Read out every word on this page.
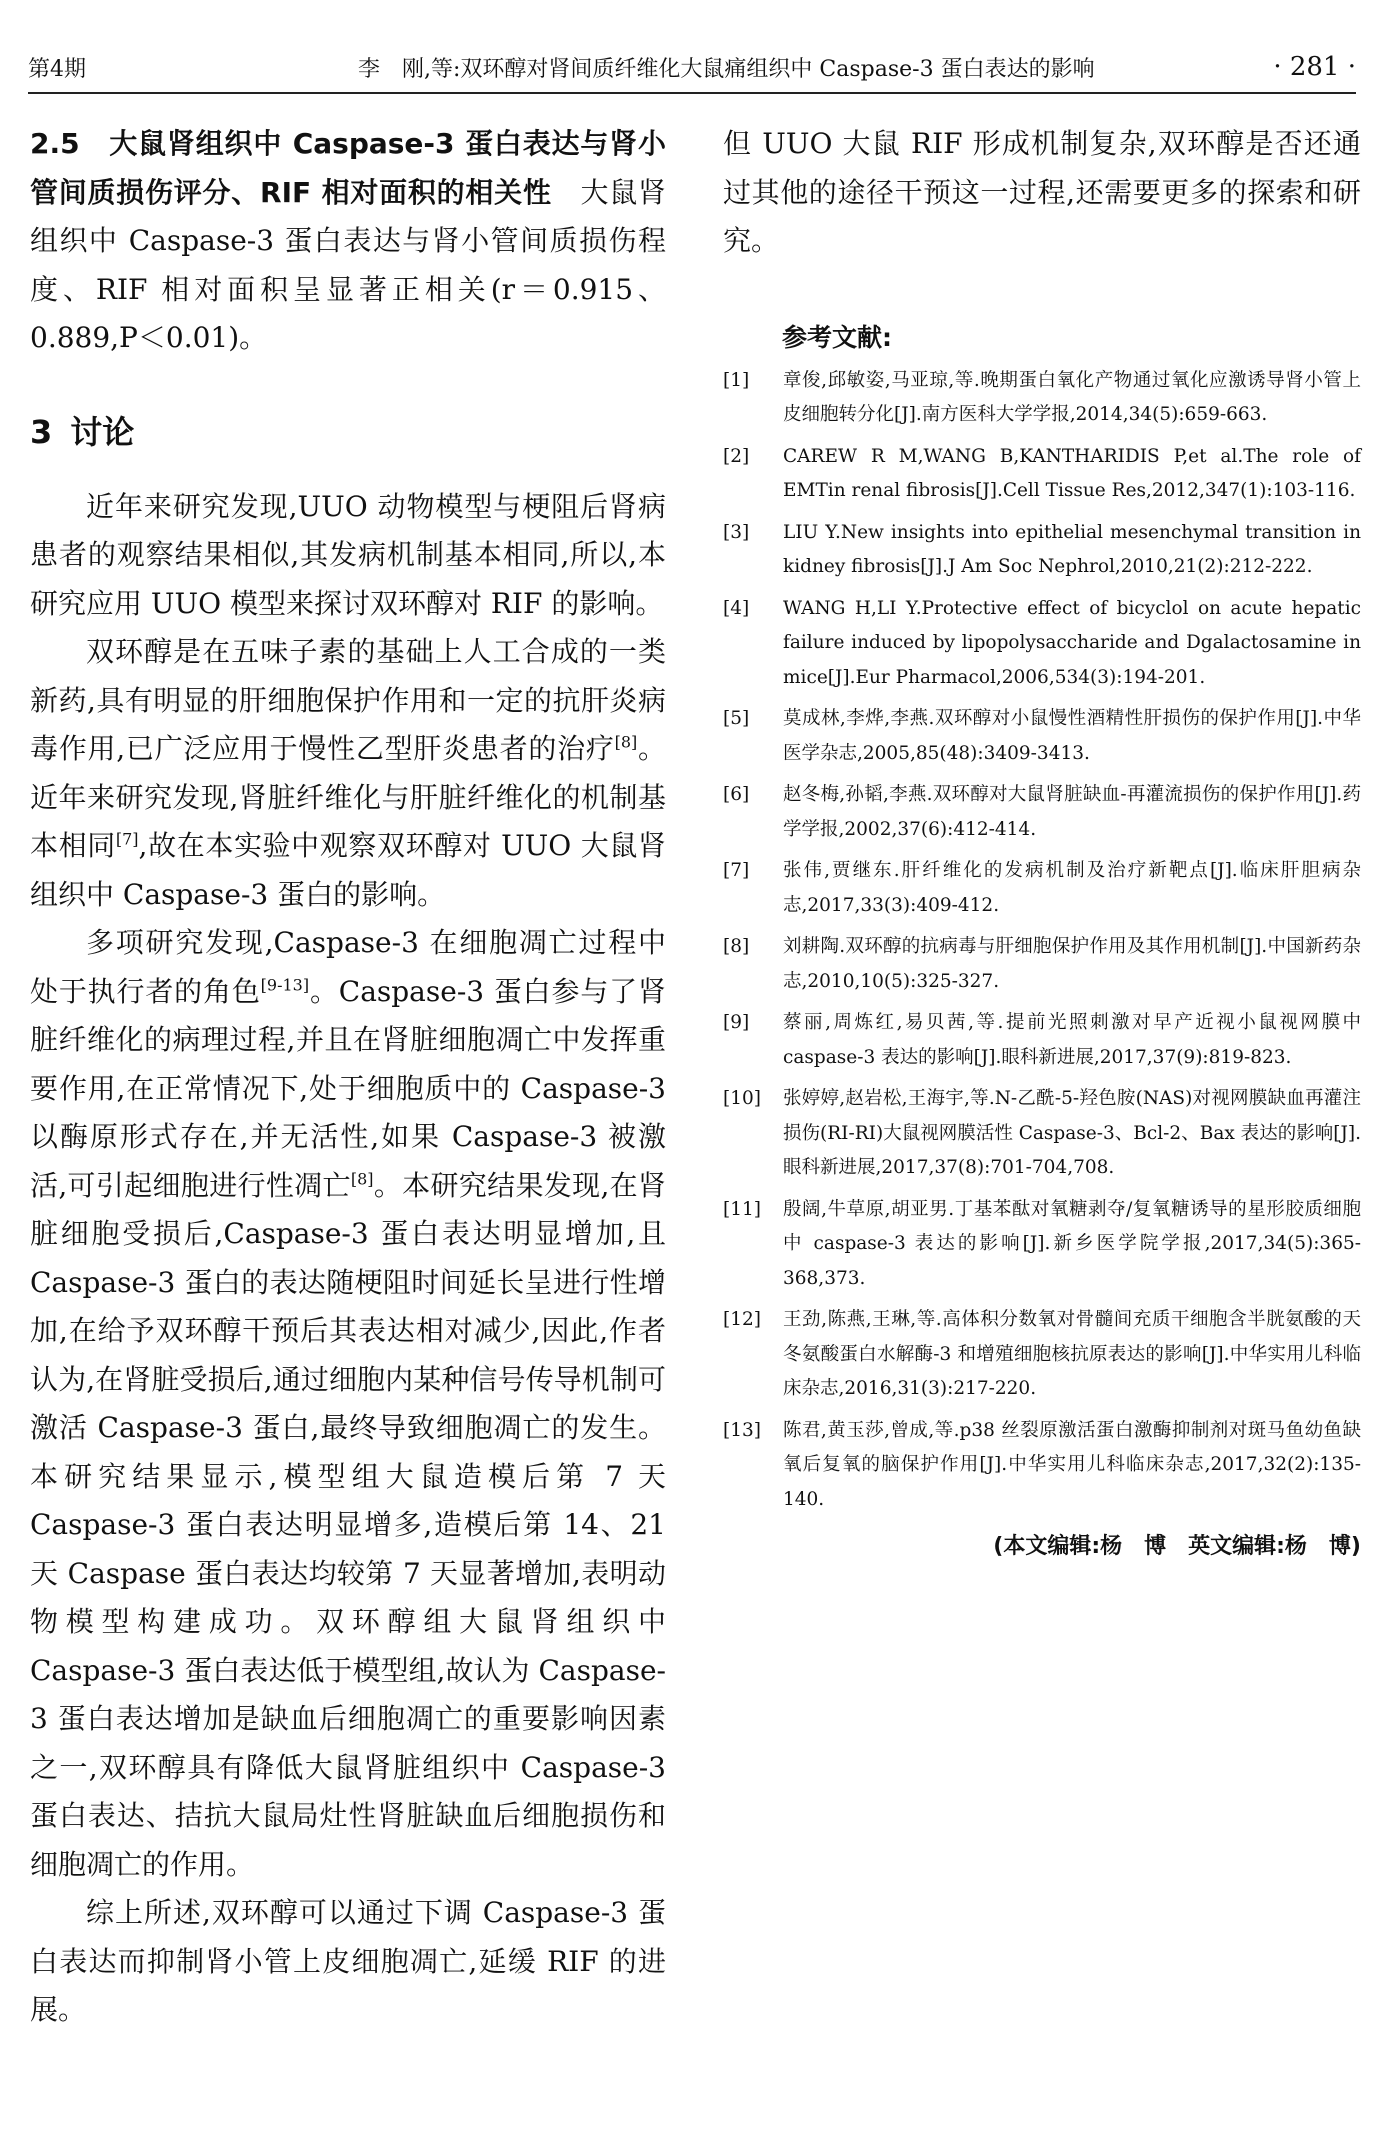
第4期	李　刚,等:双环醇对肾间质纤维化大鼠痛组织中 Caspase-3 蛋白表达的影响	· 281 ·

2.5　大鼠肾组织中 Caspase-3 蛋白表达与肾小管间质损伤评分、RIF 相对面积的相关性　 大鼠肾组织中 Caspase-3 蛋白表达与肾小管间质损伤程度、RIF 相对面积呈显著正相关(r＝0.915、0.889,P＜0.01)。

3 讨论

近年来研究发现,UUO 动物模型与梗阻后肾病患者的观察结果相似,其发病机制基本相同,所以,本研究应用 UUO 模型来探讨双环醇对 RIF 的影响。

双环醇是在五味子素的基础上人工合成的一类新药,具有明显的肝细胞保护作用和一定的抗肝炎病毒作用,已广泛应用于慢性乙型肝炎患者的治疗[8]。近年来研究发现,肾脏纤维化与肝脏纤维化的机制基本相同[7],故在本实验中观察双环醇对 UUO 大鼠肾组织中 Caspase-3 蛋白的影响。

多项研究发现,Caspase-3 在细胞凋亡过程中处于执行者的角色[9-13]。Caspase-3 蛋白参与了肾脏纤维化的病理过程,并且在肾脏细胞凋亡中发挥重要作用,在正常情况下,处于细胞质中的 Caspase-3 以酶原形式存在,并无活性,如果 Caspase-3 被激活,可引起细胞进行性凋亡[8]。本研究结果发现,在肾脏细胞受损后,Caspase-3 蛋白表达明显增加,且 Caspase-3 蛋白的表达随梗阻时间延长呈进行性增加,在给予双环醇干预后其表达相对减少,因此,作者认为,在肾脏受损后,通过细胞内某种信号传导机制可激活 Caspase-3 蛋白,最终导致细胞凋亡的发生。本研究结果显示,模型组大鼠造模后第 7 天 Caspase-3 蛋白表达明显增多,造模后第 14、21 天 Caspase 蛋白表达均较第 7 天显著增加,表明动物模型构建成功。双环醇组大鼠肾组织中 Caspase-3 蛋白表达低于模型组,故认为 Caspase-3 蛋白表达增加是缺血后细胞凋亡的重要影响因素之一,双环醇具有降低大鼠肾脏组织中 Caspase-3 蛋白表达、拮抗大鼠局灶性肾脏缺血后细胞损伤和细胞凋亡的作用。

综上所述,双环醇可以通过下调 Caspase-3 蛋白表达而抑制肾小管上皮细胞凋亡,延缓 RIF 的进展。

但 UUO 大鼠 RIF 形成机制复杂,双环醇是否还通过其他的途径干预这一过程,还需要更多的探索和研究。

参考文献:
[1] 章俊,邱敏姿,马亚琼,等.晚期蛋白氧化产物通过氧化应激诱导肾小管上皮细胞转分化[J].南方医科大学学报,2014,34(5):659-663.
[2] CAREW R M,WANG B,KANTHARIDIS P,et al.The role of EMTin renal fibrosis[J].Cell Tissue Res,2012,347(1):103-116.
[3] LIU Y.New insights into epithelial mesenchymal transition in kidney fibrosis[J].J Am Soc Nephrol,2010,21(2):212-222.
[4] WANG H,LI Y.Protective effect of bicyclol on acute hepatic failure induced by lipopolysaccharide and Dgalactosamine in mice[J].Eur Pharmacol,2006,534(3):194-201.
[5] 莫成林,李烨,李燕.双环醇对小鼠慢性酒精性肝损伤的保护作用[J].中华医学杂志,2005,85(48):3409-3413.
[6] 赵冬梅,孙韬,李燕.双环醇对大鼠肾脏缺血-再灌流损伤的保护作用[J].药学学报,2002,37(6):412-414.
[7] 张伟,贾继东.肝纤维化的发病机制及治疗新靶点[J].临床肝胆病杂志,2017,33(3):409-412.
[8] 刘耕陶.双环醇的抗病毒与肝细胞保护作用及其作用机制[J].中国新药杂志,2010,10(5):325-327.
[9] 蔡丽,周炼红,易贝茜,等.提前光照刺激对早产近视小鼠视网膜中 caspase-3 表达的影响[J].眼科新进展,2017,37(9):819-823.
[10] 张婷婷,赵岩松,王海宇,等.N-乙酰-5-羟色胺(NAS)对视网膜缺血再灌注损伤(RI-RI)大鼠视网膜活性 Caspase-3、Bcl-2、Bax 表达的影响[J].眼科新进展,2017,37(8):701-704,708.
[11] 殷阔,牛草原,胡亚男.丁基苯酞对氧糖剥夺/复氧糖诱导的星形胶质细胞中 caspase-3 表达的影响[J].新乡医学院学报,2017,34(5):365-368,373.
[12] 王劲,陈燕,王琳,等.高体积分数氧对骨髓间充质干细胞含半胱氨酸的天冬氨酸蛋白水解酶-3 和增殖细胞核抗原表达的影响[J].中华实用儿科临床杂志,2016,31(3):217-220.
[13] 陈君,黄玉莎,曾成,等.p38 丝裂原激活蛋白激酶抑制剂对斑马鱼幼鱼缺氧后复氧的脑保护作用[J].中华实用儿科临床杂志,2017,32(2):135-140.
(本文编辑:杨　博　英文编辑:杨　博)
